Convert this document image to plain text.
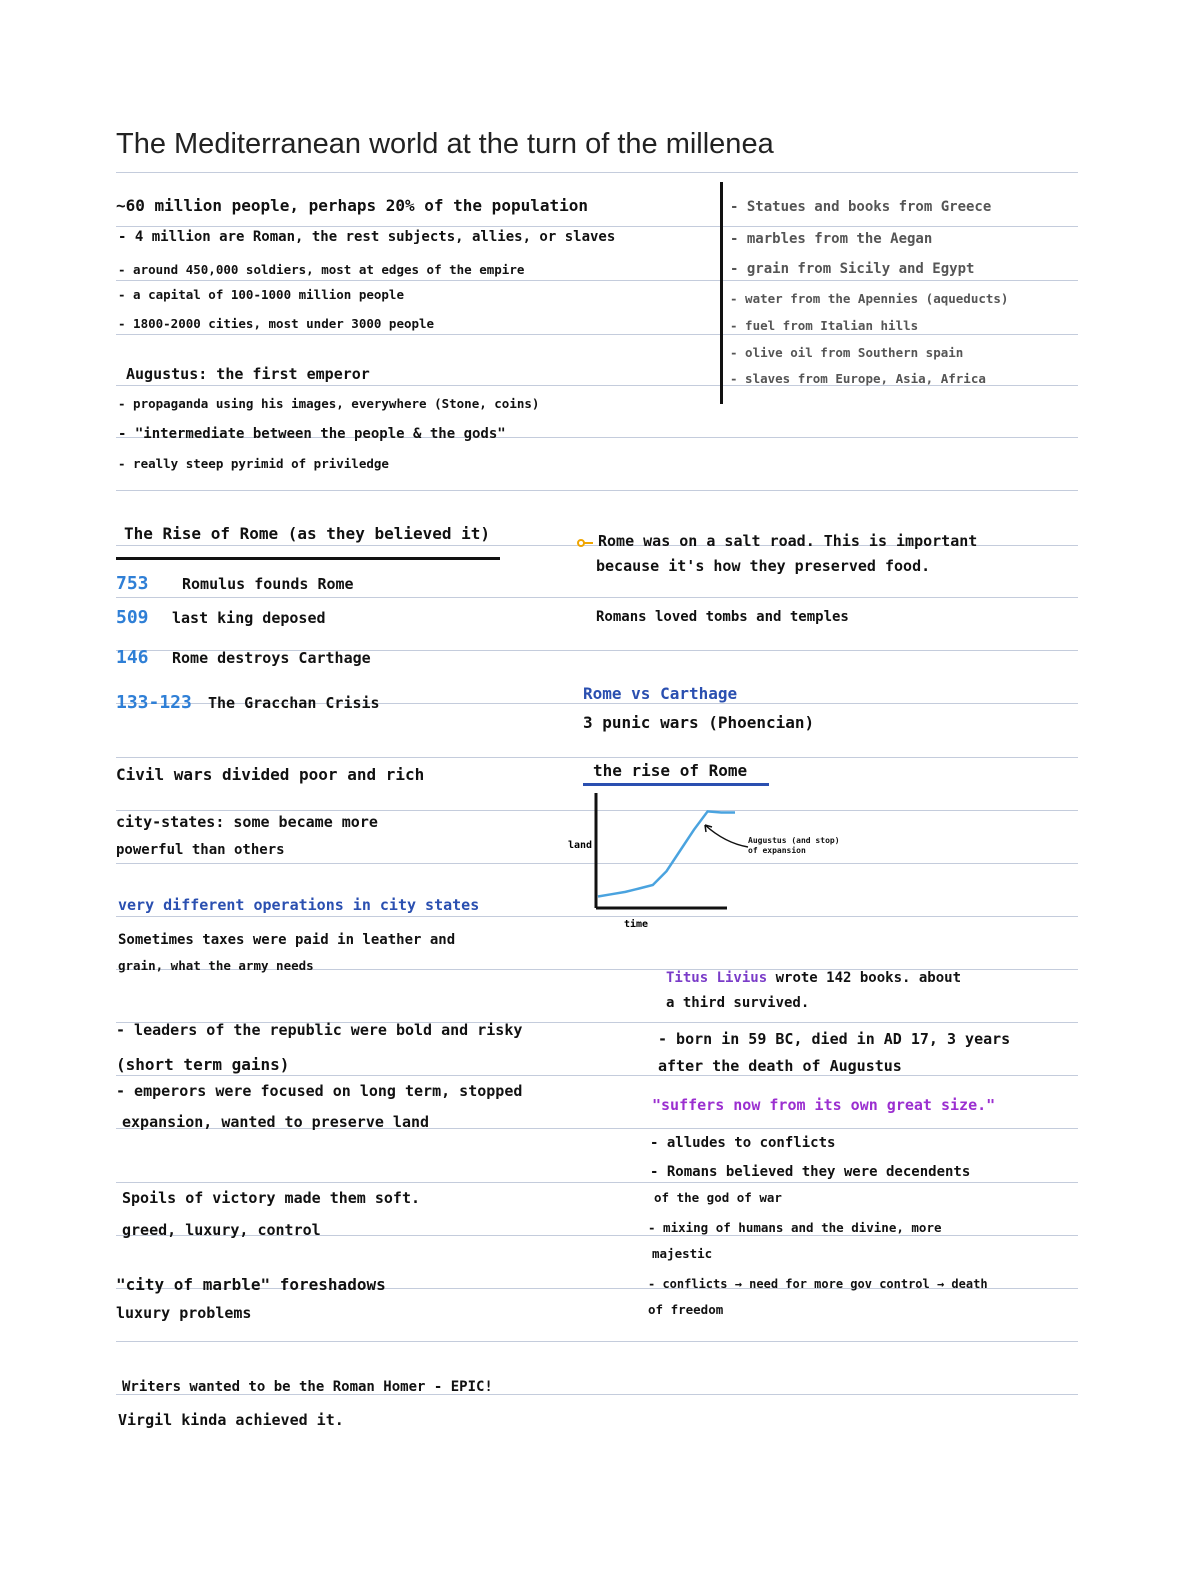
The Mediterranean world at the turn of the millenea
~60 million people, perhaps 20% of the population
- 4 million are Roman, the rest subjects, allies, or slaves
- around 450,000 soldiers, most at edges of the empire
- a capital of 100-1000 million people
- 1800-2000 cities, most under 3000 people
- Statues and books from Greece
- marbles from the Aegan
- grain from Sicily and Egypt
- water from the Apennies (aqueducts)
- fuel from Italian hills
- olive oil from Southern spain
- slaves from Europe, Asia, Africa
Augustus: the first emperor
- propaganda using his images, everywhere (Stone, coins)
- "intermediate between the people & the gods"
- really steep pyrimid of priviledge
The Rise of Rome (as they believed it)
753 Romulus founds Rome
509 last king deposed
146 Rome destroys Carthage
133-123 The Gracchan Crisis
Rome was on a salt road. This is important
because it's how they preserved food.
Romans loved tombs and temples
Rome vs Carthage
3 punic wars (Phoencian)
the rise of Rome
land
time
Augustus (and stop) of expansion
Civil wars divided poor and rich
city-states: some became more
powerful than others
very different operations in city states
Sometimes taxes were paid in leather and
grain, what the army needs
- leaders of the republic were bold and risky
(short term gains)
- emperors were focused on long term, stopped
expansion, wanted to preserve land
Spoils of victory made them soft.
greed, luxury, control
"city of marble" foreshadows
luxury problems
Writers wanted to be the Roman Homer - EPIC!
Virgil kinda achieved it.
Titus Livius wrote 142 books. about
a third survived.
- born in 59 BC, died in AD 17, 3 years
after the death of Augustus
"suffers now from its own great size."
- alludes to conflicts
- Romans believed they were decendents
of the god of war
- mixing of humans and the divine, more
majestic
- conflicts → need for more gov control → death
of freedom
